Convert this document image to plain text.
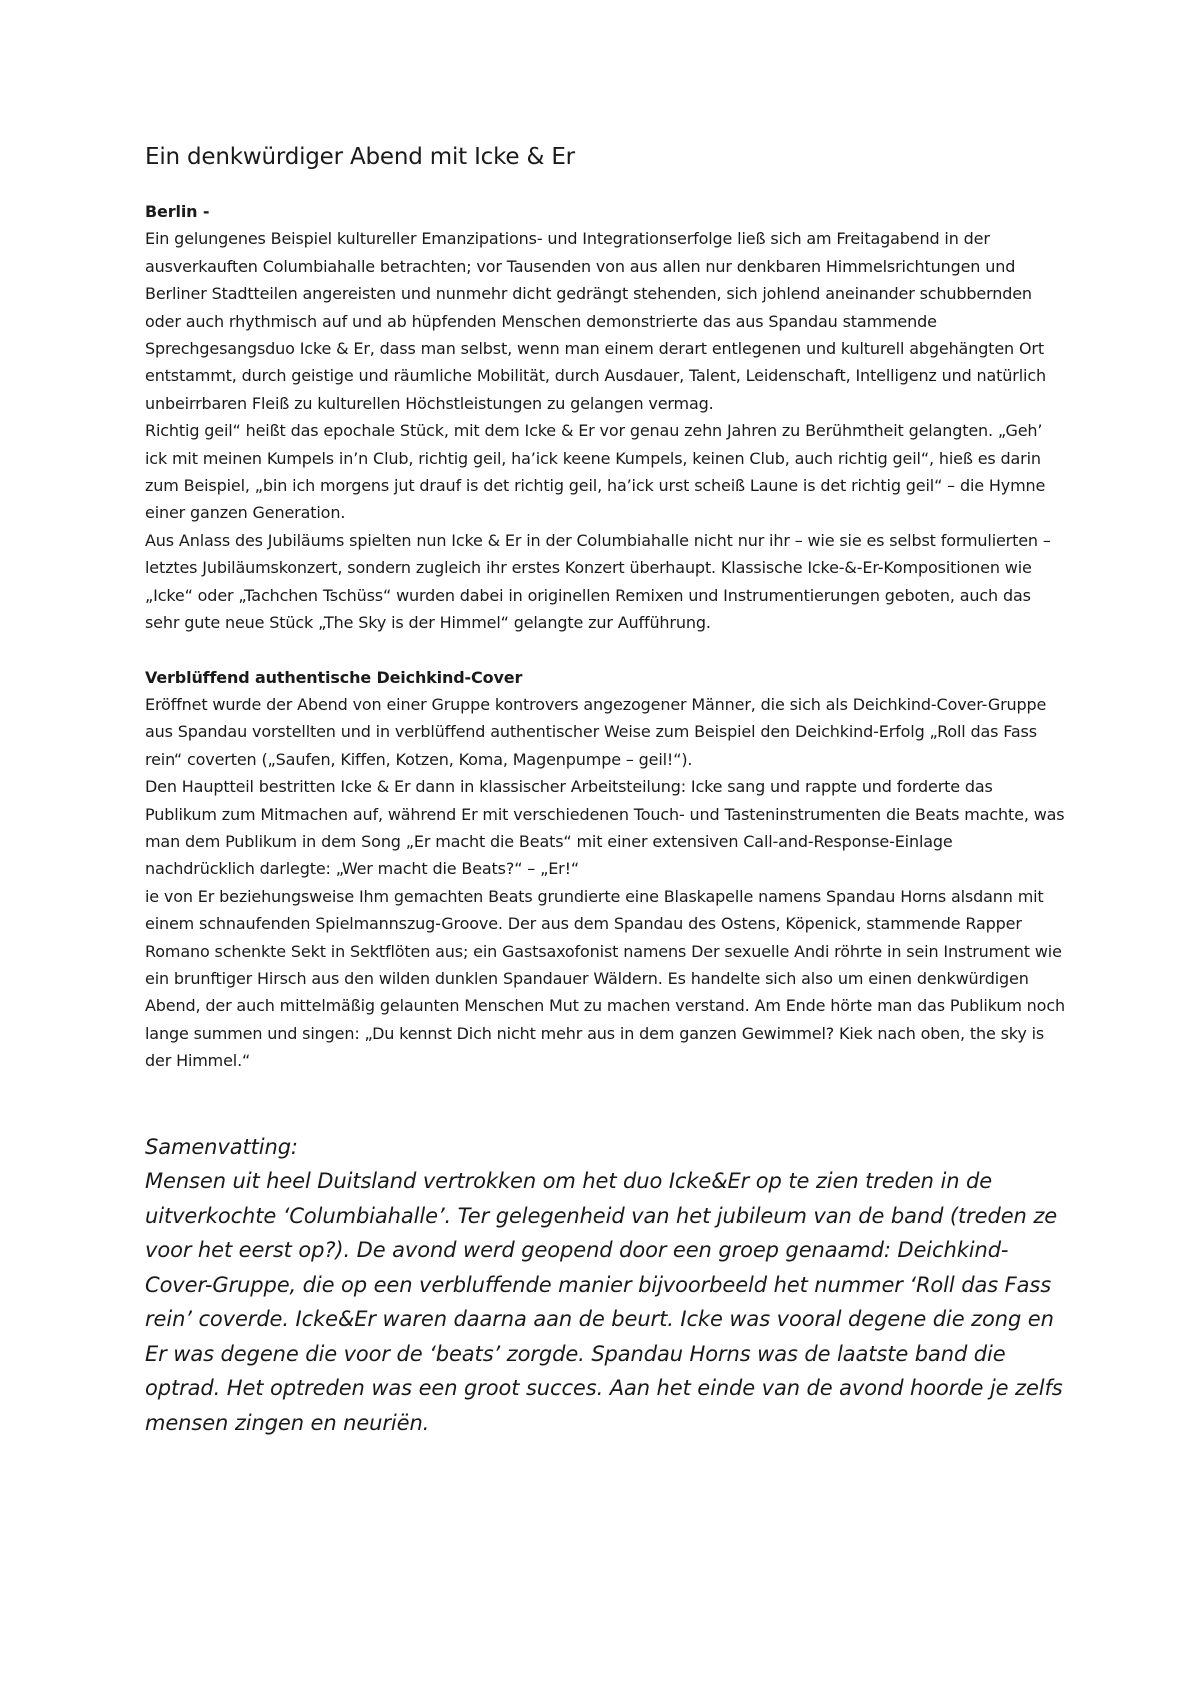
Ein denkwürdiger Abend mit Icke & Er
Berlin -

Ein gelungenes Beispiel kultureller Emanzipations- und Integrationserfolge ließ sich am Freitagabend in der ausverkauften Columbiahalle betrachten; vor Tausenden von aus allen nur denkbaren Himmelsrichtungen und Berliner Stadtteilen angereisten und nunmehr dicht gedrängt stehenden, sich johlend aneinander schubbernden oder auch rhythmisch auf und ab hüpfenden Menschen demonstrierte das aus Spandau stammende Sprechgesangsduo Icke & Er, dass man selbst, wenn man einem derart entlegenen und kulturell abgehängten Ort entstammt, durch geistige und räumliche Mobilität, durch Ausdauer, Talent, Leidenschaft, Intelligenz und natürlich unbeirrbaren Fleiß zu kulturellen Höchstleistungen zu gelangen vermag.

Richtig geil“ heißt das epochale Stück, mit dem Icke & Er vor genau zehn Jahren zu Berühmtheit gelangten. „Geh’ ick mit meinen Kumpels in’n Club, richtig geil, ha’ick keene Kumpels, keinen Club, auch richtig geil“, hieß es darin zum Beispiel, „bin ich morgens jut drauf is det richtig geil, ha’ick urst scheiß Laune is det richtig geil“ – die Hymne einer ganzen Generation.

Aus Anlass des Jubiläums spielten nun Icke & Er in der Columbiahalle nicht nur ihr – wie sie es selbst formulierten – letztes Jubiläumskonzert, sondern zugleich ihr erstes Konzert überhaupt. Klassische Icke-&-Er-Kompositionen wie „Icke“ oder „Tachchen Tschüss“ wurden dabei in originellen Remixen und Instrumentierungen geboten, auch das sehr gute neue Stück „The Sky is der Himmel“ gelangte zur Aufführung.

Verblüffend authentische Deichkind-Cover

Eröffnet wurde der Abend von einer Gruppe kontrovers angezogener Männer, die sich als Deichkind-Cover-Gruppe aus Spandau vorstellten und in verblüffend authentischer Weise zum Beispiel den Deichkind-Erfolg „Roll das Fass rein“ coverten („Saufen, Kiffen, Kotzen, Koma, Magenpumpe – geil!“).

Den Hauptteil bestritten Icke & Er dann in klassischer Arbeitsteilung: Icke sang und rappte und forderte das Publikum zum Mitmachen auf, während Er mit verschiedenen Touch- und Tasteninstrumenten die Beats machte, was man dem Publikum in dem Song „Er macht die Beats“ mit einer extensiven Call-and-Response-Einlage nachdrücklich darlegte: „Wer macht die Beats?“ – „Er!“

ie von Er beziehungsweise Ihm gemachten Beats grundierte eine Blaskapelle namens Spandau Horns alsdann mit einem schnaufenden Spielmannszug-Groove. Der aus dem Spandau des Ostens, Köpenick, stammende Rapper Romano schenkte Sekt in Sektflöten aus; ein Gastsaxofonist namens Der sexuelle Andi röhrte in sein Instrument wie ein brunftiger Hirsch aus den wilden dunklen Spandauer Wäldern. Es handelte sich also um einen denkwürdigen Abend, der auch mittelmäßig gelaunten Menschen Mut zu machen verstand. Am Ende hörte man das Publikum noch lange summen und singen: „Du kennst Dich nicht mehr aus in dem ganzen Gewimmel? Kiek nach oben, the sky is der Himmel.“

Samenvatting:
Mensen uit heel Duitsland vertrokken om het duo Icke&Er op te zien treden in de uitverkochte ‘Columbiahalle’. Ter gelegenheid van het jubileum van de band (treden ze voor het eerst op?). De avond werd geopend door een groep genaamd: Deichkind-Cover-Gruppe, die op een verbluffende manier bijvoorbeeld het nummer ‘Roll das Fass rein’ coverde. Icke&Er waren daarna aan de beurt. Icke was vooral degene die zong en Er was degene die voor de ‘beats’ zorgde. Spandau Horns was de laatste band die optrad. Het optreden was een groot succes. Aan het einde van de avond hoorde je zelfs mensen zingen en neuriën.
